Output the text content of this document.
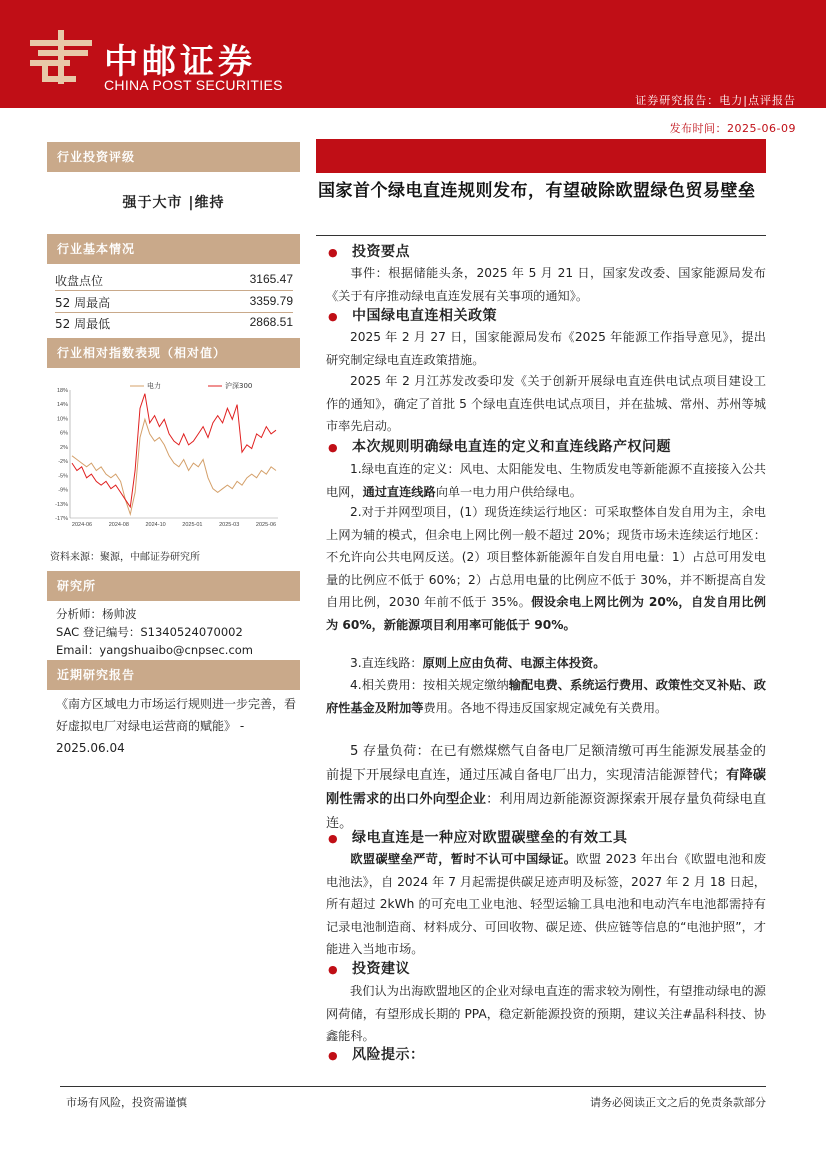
中邮证券
CHINA POST SECURITIES
证券研究报告：电力|点评报告
发布时间：2025-06-09
行业投资评级
强于大市 |维持
行业基本情况
收盘点位	3165.47
52 周最高	3359.79
52 周最低	2868.51
行业相对指数表现（相对值）
18%
14%
10%
6%
2%
-2%
-5%
-9%
-13%
-17%
2024-06	2024-08	2024-10	2025-01	2025-03	2025-06
电力	沪深300
资料来源：聚源，中邮证券研究所
研究所
分析师：杨帅波
SAC 登记编号：S1340524070002
Email：yangshuaibo@cnpsec.com
近期研究报告
《南方区域电力市场运行规则进一步完善，看好虚拟电厂对绿电运营商的赋能》 - 2025.06.04
国家首个绿电直连规则发布，有望破除欧盟绿色贸易壁垒
● 投资要点
事件：根据储能头条，2025 年 5 月 21 日，国家发改委、国家能源局发布《关于有序推动绿电直连发展有关事项的通知》。
● 中国绿电直连相关政策
2025 年 2 月 27 日，国家能源局发布《2025 年能源工作指导意见》，提出研究制定绿电直连政策措施。
2025 年 2 月江苏发改委印发《关于创新开展绿电直连供电试点项目建设工作的通知》，确定了首批 5 个绿电直连供电试点项目，并在盐城、常州、苏州等城市率先启动。
● 本次规则明确绿电直连的定义和直连线路产权问题
1.绿电直连的定义：风电、太阳能发电、生物质发电等新能源不直接接入公共电网，通过直连线路向单一电力用户供给绿电。
2.对于并网型项目，(1）现货连续运行地区：可采取整体自发自用为主，余电上网为辅的模式，但余电上网比例一般不超过 20%；现货市场未连续运行地区：不允许向公共电网反送。(2）项目整体新能源年自发自用电量：1）占总可用发电量的比例应不低于 60%；2）占总用电量的比例应不低于 30%，并不断提高自发自用比例，2030 年前不低于 35%。假设余电上网比例为 20%，自发自用比例为 60%，新能源项目利用率可能低于 90%。
3.直连线路：原则上应由负荷、电源主体投资。
4.相关费用：按相关规定缴纳输配电费、系统运行费用、政策性交叉补贴、政府性基金及附加等费用。各地不得违反国家规定减免有关费用。
5 存量负荷：在已有燃煤燃气自备电厂足额清缴可再生能源发展基金的前提下开展绿电直连，通过压减自备电厂出力，实现清洁能源替代；有降碳刚性需求的出口外向型企业：利用周边新能源资源探索开展存量负荷绿电直连。
● 绿电直连是一种应对欧盟碳壁垒的有效工具
欧盟碳壁垒严苛，暂时不认可中国绿证。欧盟 2023 年出台《欧盟电池和废电池法》，自 2024 年 7 月起需提供碳足迹声明及标签，2027 年 2 月 18 日起，所有超过 2kWh 的可充电工业电池、轻型运输工具电池和电动汽车电池都需持有记录电池制造商、材料成分、可回收物、碳足迹、供应链等信息的“电池护照”，才能进入当地市场。
● 投资建议
我们认为出海欧盟地区的企业对绿电直连的需求较为刚性，有望推动绿电的源网荷储，有望形成长期的 PPA，稳定新能源投资的预期，建议关注#晶科科技、协鑫能科。
● 风险提示：
市场有风险，投资需谨慎	请务必阅读正文之后的免责条款部分
